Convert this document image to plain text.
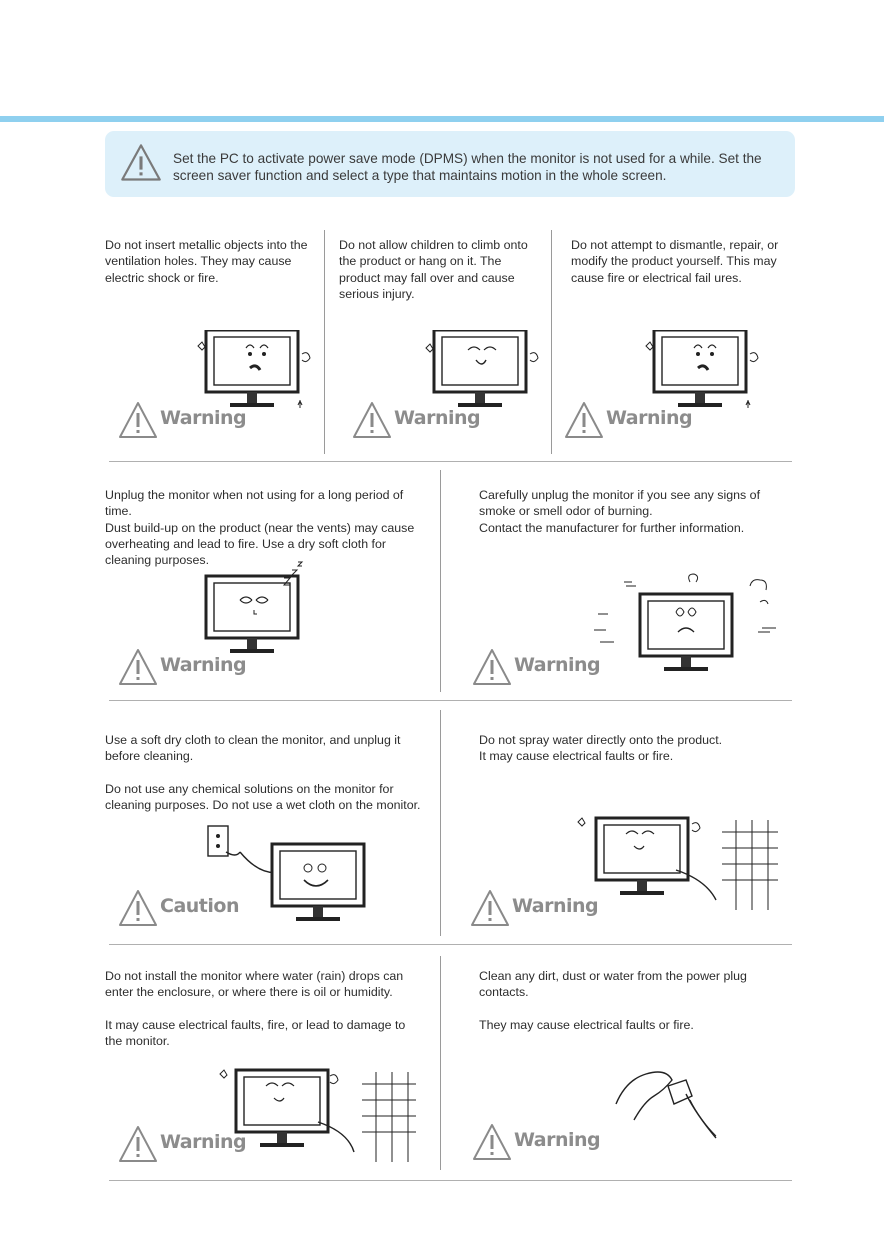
Set the PC to activate power save mode (DPMS) when the monitor is not used for a while. Set the screen saver function and select a type that maintains motion in the whole screen.

Do not insert metallic objects into the ventilation holes. They may cause electric shock or fire.

Warning

Do not allow children to climb onto the product or hang on it. The product may fall over and cause serious injury.

Warning

Do not attempt to dismantle, repair, or modify the product yourself. This may cause fire or electrical fail ures.

Warning

Unplug the monitor when not using for a long period of time.
Dust build-up on the product (near the vents) may cause overheating and lead to fire. Use a dry soft cloth for cleaning purposes.

Warning

Carefully unplug the monitor if you see any signs of smoke or smell odor of burning.
Contact the manufacturer for further information.

Warning

Use a soft dry cloth to clean the monitor, and unplug it before cleaning.

Do not use any chemical solutions on the monitor for cleaning purposes. Do not use a wet cloth on the monitor.

Caution

Do not spray water directly onto the product.
It may cause electrical faults or fire.

Warning

Do not install the monitor where water (rain) drops can enter the enclosure, or where there is oil or humidity.

It may cause electrical faults, fire, or lead to damage to the monitor.

Warning

Clean any dirt, dust or water from the power plug contacts.

They may cause electrical faults or fire.

Warning
